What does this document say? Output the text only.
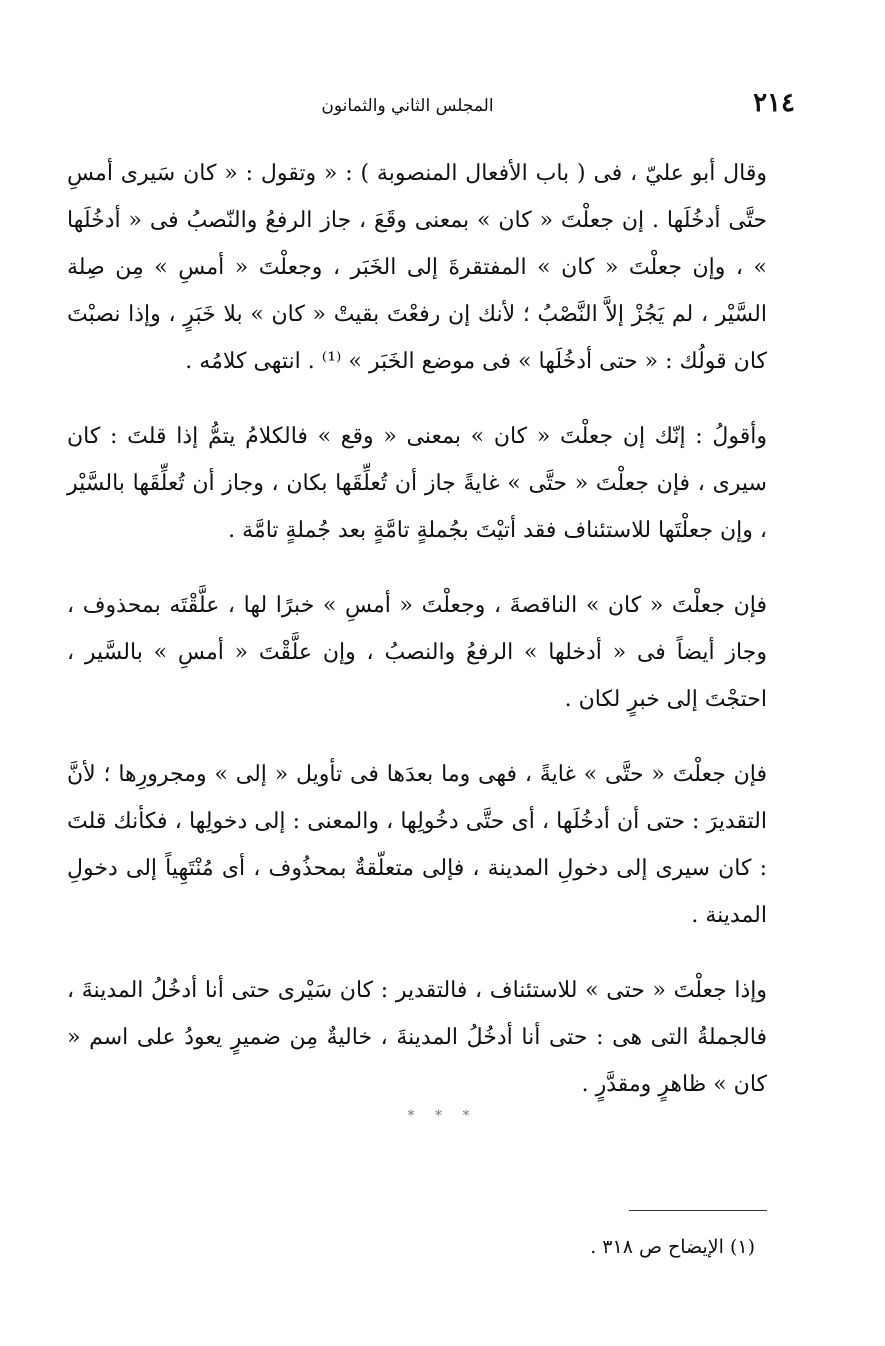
٢١٤
المجلس الثاني والثمانون

وقال أبو عليّ ، فى ( باب الأفعال المنصوبة ) : « وتقول : « كان سَيرى أمسِ حتَّى أدخُلَها . إن جعلْتَ « كان » بمعنى وقَعَ ، جاز الرفعُ والنّصبُ فى « أدخُلَها » ، وإن جعلْتَ « كان » المفتقرةَ إلى الخَبَر ، وجعلْتَ « أمسِ » مِن صِلة السَّيْر ، لم يَجُزْ إلاَّ النَّصْبُ ؛ لأنك إن رفعْتَ بقيتْ « كان » بلا خَبَرٍ ، وإذا نصبْتَ كان قولُك : « حتى أدخُلَها » فى موضع الخَبَر » ⁽¹⁾ . انتهى كلامُه .

وأقولُ : إنّك إن جعلْتَ « كان » بمعنى « وقع » فالكلامُ يتمُّ إذا قلتَ : كان سيرى ، فإن جعلْتَ « حتَّى » غايةً جاز أن تُعلِّقَها بكان ، وجاز أن تُعلِّقَها بالسَّيْر ، وإن جعلْتَها للاستئناف فقد أتيْتَ بجُملةٍ تامَّةٍ بعد جُملةٍ تامَّة .

فإن جعلْتَ « كان » الناقصةَ ، وجعلْتَ « أمسِ » خبرًا لها ، علَّقْتَه بمحذوف ، وجاز أيضاً فى « أدخلها » الرفعُ والنصبُ ، وإن علَّقْتَ « أمسِ » بالسَّير ، احتجْتَ إلى خبرٍ لكان .

فإن جعلْتَ « حتَّى » غايةً ، فهى وما بعدَها فى تأويل « إلى » ومجرورِها ؛ لأنَّ التقديرَ : حتى أن أدخُلَها ، أى حتَّى دخُولِها ، والمعنى : إلى دخولِها ، فكأنك قلتَ : كان سيرى إلى دخولِ المدينة ، فإلى متعلّقةٌ بمحذُوف ، أى مُنْتَهِياً إلى دخولِ المدينة .

وإذا جعلْتَ « حتى » للاستئناف ، فالتقدير : كان سَيْرى حتى أنا أدخُلُ المدينةَ ، فالجملةُ التى هى : حتى أنا أدخُلُ المدينةَ ، خاليةٌ مِن ضميرٍ يعودُ على اسم « كان » ظاهرٍ ومقدَّرٍ .

* * *
(١) الإيضاح ص ٣١٨ .
